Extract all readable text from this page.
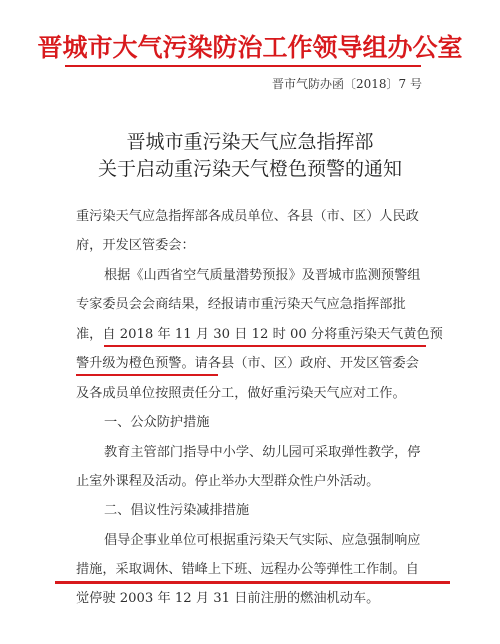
晋城市大气污染防治工作领导组办公室
晋市气防办函〔2018〕7 号
晋城市重污染天气应急指挥部
关于启动重污染天气橙色预警的通知
重污染天气应急指挥部各成员单位、各县（市、区）人民政
府，开发区管委会：
根据《山西省空气质量潜势预报》及晋城市监测预警组
专家委员会会商结果，经报请市重污染天气应急指挥部批
准，自 2018 年 11 月 30 日 12 时 00 分将重污染天气黄色预
警升级为橙色预警。请各县（市、区）政府、开发区管委会
及各成员单位按照责任分工，做好重污染天气应对工作。
一、公众防护措施
教育主管部门指导中小学、幼儿园可采取弹性教学，停
止室外课程及活动。停止举办大型群众性户外活动。
二、倡议性污染减排措施
倡导企事业单位可根据重污染天气实际、应急强制响应
措施，采取调休、错峰上下班、远程办公等弹性工作制。自
觉停驶 2003 年 12 月 31 日前注册的燃油机动车。
